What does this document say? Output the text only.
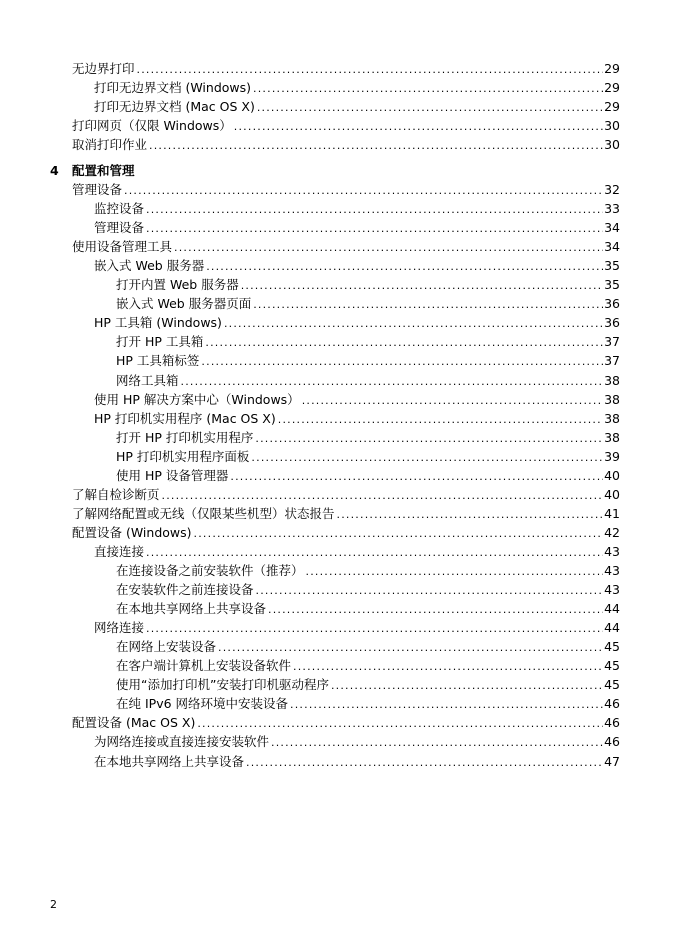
4	配置和管理
无边界打印 .....	29
打印无边界文档 (Windows) .....	29
打印无边界文档 (Mac OS X) .....	29
打印网页（仅限 Windows） .....	30
取消打印作业 .....	30
管理设备 .....	32
监控设备 .....	33
管理设备 .....	34
使用设备管理工具 .....	34
嵌入式 Web 服务器 .....	35
打开内置 Web 服务器 .....	35
嵌入式 Web 服务器页面 .....	36
HP 工具箱 (Windows) .....	36
打开 HP 工具箱 .....	37
HP 工具箱标签 .....	37
网络工具箱 .....	38
使用 HP 解决方案中心（Windows） .....	38
HP 打印机实用程序 (Mac OS X) .....	38
打开 HP 打印机实用程序 .....	38
HP 打印机实用程序面板 .....	39
使用 HP 设备管理器 .....	40
了解自检诊断页 .....	40
了解网络配置或无线（仅限某些机型）状态报告 .....	41
配置设备 (Windows) .....	42
直接连接 .....	43
在连接设备之前安装软件（推荐） .....	43
在安装软件之前连接设备 .....	43
在本地共享网络上共享设备 .....	44
网络连接 .....	44
在网络上安装设备 .....	45
在客户端计算机上安装设备软件 .....	45
使用“添加打印机”安装打印机驱动程序 .....	45
在纯 IPv6 网络环境中安装设备 .....	46
配置设备 (Mac OS X) .....	46
为网络连接或直接连接安装软件 .....	46
在本地共享网络上共享设备 .....	47
2
